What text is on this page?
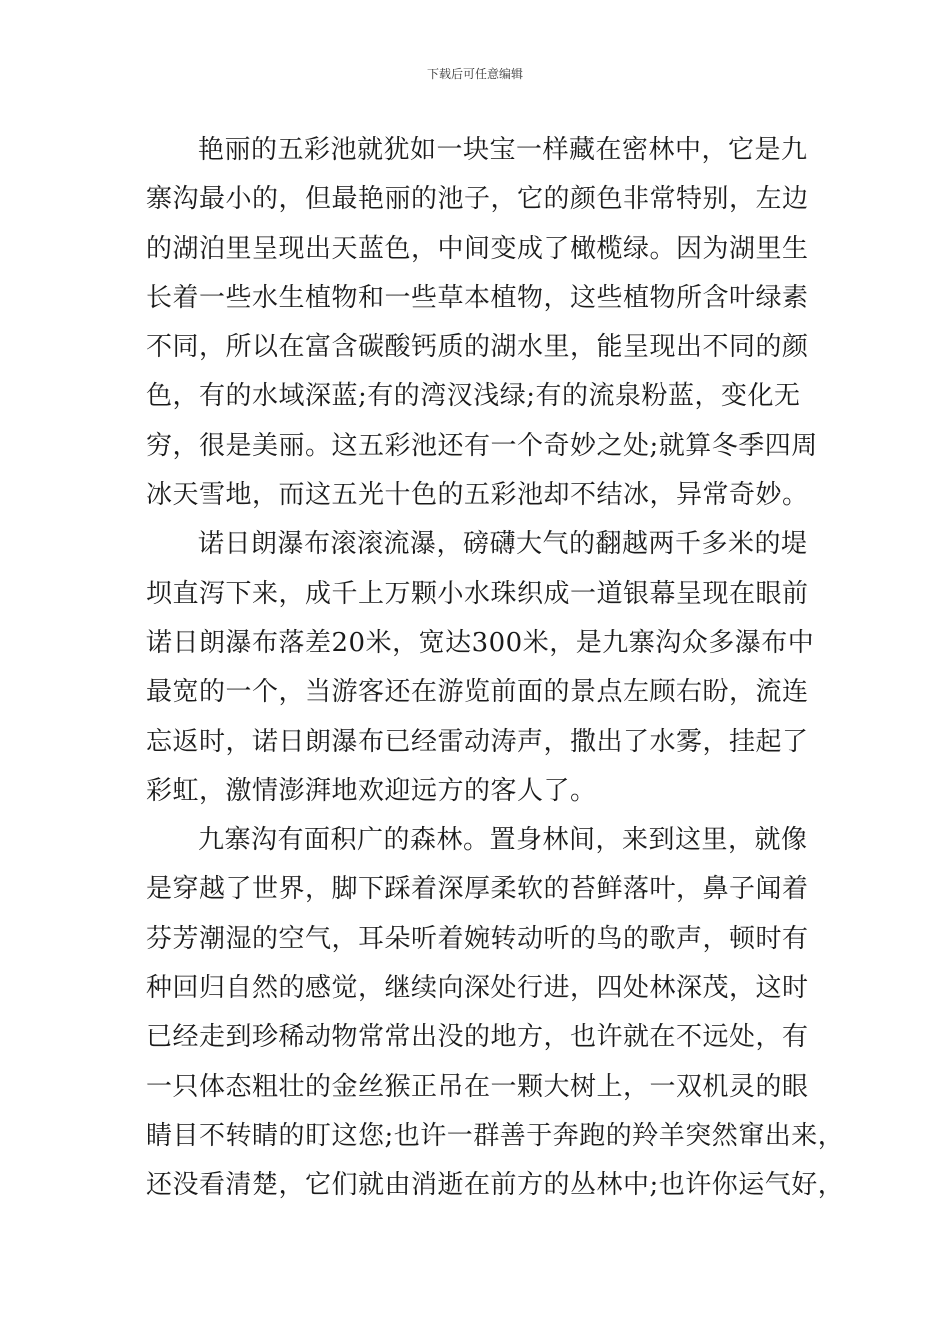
下载后可任意编辑
艳丽的五彩池就犹如一块宝一样藏在密林中，它是九
寨沟最小的，但最艳丽的池子，它的颜色非常特别，左边
的湖泊里呈现出天蓝色，中间变成了橄榄绿。因为湖里生
长着一些水生植物和一些草本植物，这些植物所含叶绿素
不同，所以在富含碳酸钙质的湖水里，能呈现出不同的颜
色，有的水域深蓝;有的湾汊浅绿;有的流泉粉蓝，变化无
穷，很是美丽。这五彩池还有一个奇妙之处;就算冬季四周
冰天雪地，而这五光十色的五彩池却不结冰，异常奇妙。
诺日朗瀑布滚滚流瀑，磅礴大气的翻越两千多米的堤
坝直泻下来，成千上万颗小水珠织成一道银幕呈现在眼前
诺日朗瀑布落差20米，宽达300米，是九寨沟众多瀑布中
最宽的一个，当游客还在游览前面的景点左顾右盼，流连
忘返时，诺日朗瀑布已经雷动涛声，撒出了水雾，挂起了
彩虹，激情澎湃地欢迎远方的客人了。
九寨沟有面积广的森林。置身林间，来到这里，就像
是穿越了世界，脚下踩着深厚柔软的苔鲜落叶，鼻子闻着
芬芳潮湿的空气，耳朵听着婉转动听的鸟的歌声，顿时有
种回归自然的感觉，继续向深处行进，四处林深茂，这时
已经走到珍稀动物常常出没的地方，也许就在不远处，有
一只体态粗壮的金丝猴正吊在一颗大树上，一双机灵的眼
睛目不转睛的盯这您;也许一群善于奔跑的羚羊突然窜出来，
还没看清楚，它们就由消逝在前方的丛林中;也许你运气好，
